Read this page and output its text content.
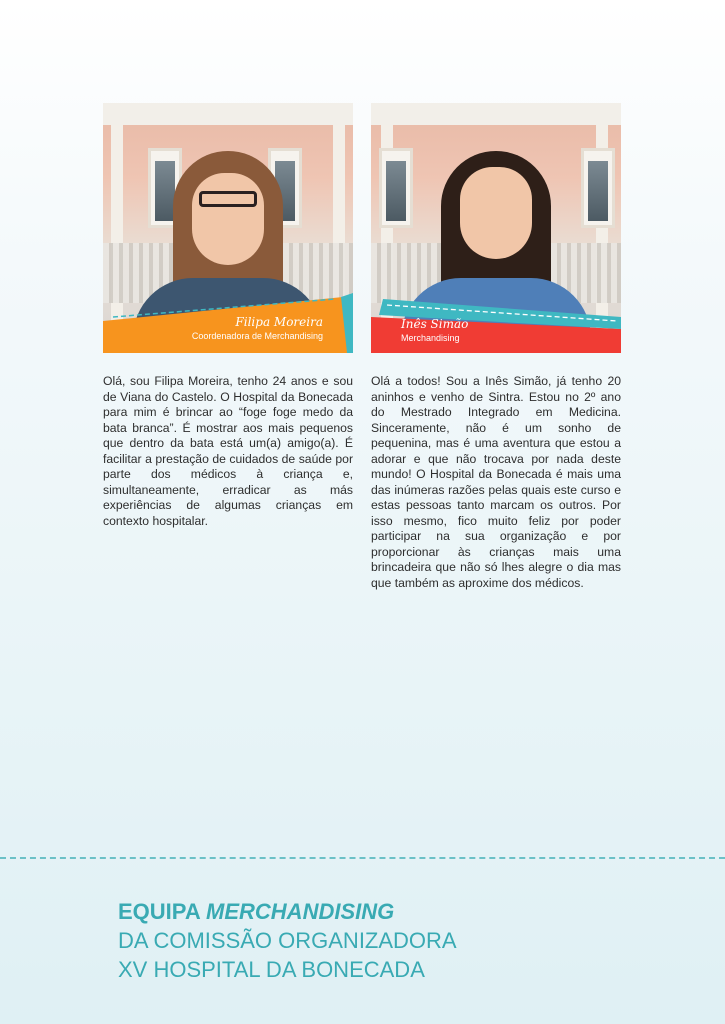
Filipa Moreira
Coordenadora de Merchandising
Inês Simão
Merchandising

Olá, sou Filipa Moreira, tenho 24 anos e sou de Viana do Castelo. O Hospital da Bonecada para mim é brincar ao “foge foge medo da bata branca”. É mostrar aos mais pequenos que dentro da bata está um(a) amigo(a). É facilitar a prestação de cuidados de saúde por parte dos médicos à criança e, simultaneamente, erradicar as más experiências de algumas crianças em contexto hospitalar.

Olá a todos! Sou a Inês Simão, já tenho 20 aninhos e venho de Sintra. Estou no 2º ano do Mestrado Integrado em Medicina. Sinceramente, não é um sonho de pequenina, mas é uma aventura que estou a adorar e que não trocava por nada deste mundo! O Hospital da Bonecada é mais uma das inúmeras razões pelas quais este curso e estas pessoas tanto marcam os outros. Por isso mesmo, fico muito feliz por poder participar na sua organização e por proporcionar às crianças mais uma brincadeira que não só lhes alegre o dia mas que também as aproxime dos médicos.

EQUIPA MERCHANDISING
DA COMISSÃO ORGANIZADORA
XV HOSPITAL DA BONECADA
